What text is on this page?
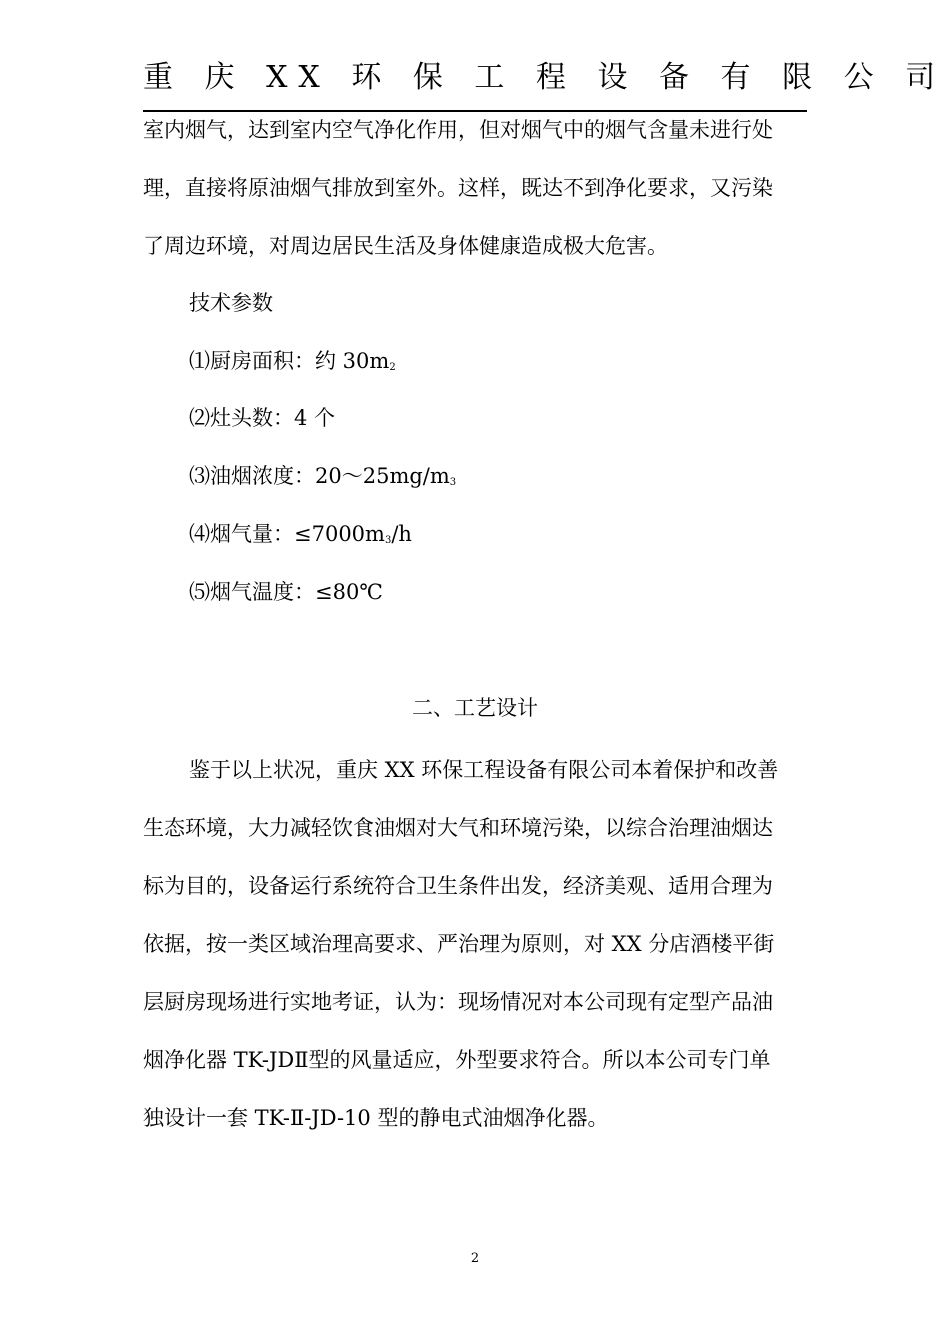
重 庆 XX 环 保 工 程 设 备 有 限 公 司
室内烟气，达到室内空气净化作用，但对烟气中的烟气含量未进行处
理，直接将原油烟气排放到室外。这样，既达不到净化要求，又污染
了周边环境，对周边居民生活及身体健康造成极大危害。
技术参数
⑴厨房面积：约 $30m_2$
⑵灶头数：4 个
⑶油烟浓度：$20\sim 25mg/m_3$
⑷烟气量：$\le 7000m_3/h$
⑸烟气温度：≤80℃
二、工艺设计
鉴于以上状况，重庆 XX 环保工程设备有限公司本着保护和改善
生态环境，大力减轻饮食油烟对大气和环境污染，以综合治理油烟达
标为目的，设备运行系统符合卫生条件出发，经济美观、适用合理为
依据，按一类区域治理高要求、严治理为原则，对 XX 分店酒楼平街
层厨房现场进行实地考证，认为：现场情况对本公司现有定型产品油
烟净化器 TK-JDⅡ型的风量适应，外型要求符合。所以本公司专门单
独设计一套 TK-Ⅱ-JD-10 型的静电式油烟净化器。
2
